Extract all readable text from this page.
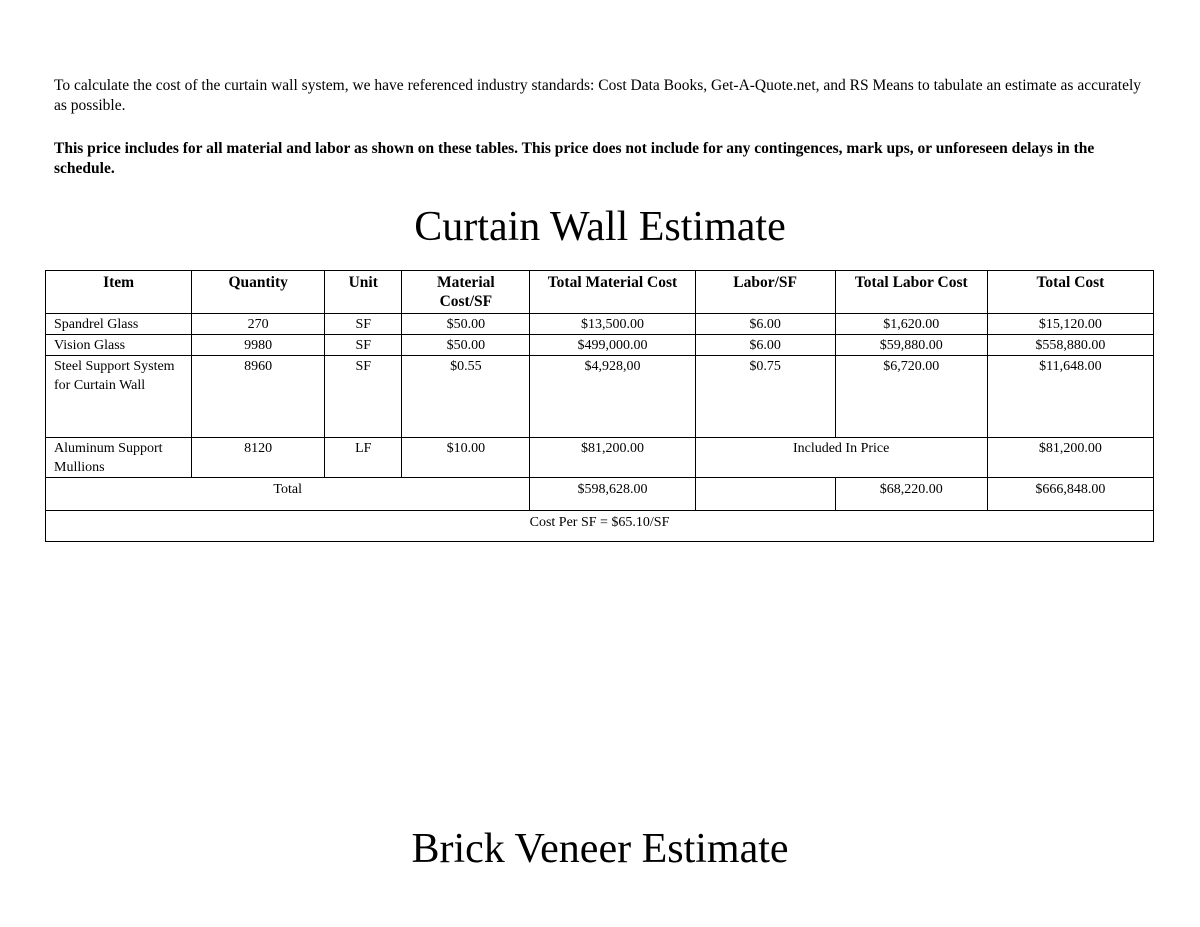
To calculate the cost of the curtain wall system, we have referenced industry standards: Cost Data Books, Get-A-Quote.net, and RS Means to tabulate an estimate as accurately as possible.

This price includes for all material and labor as shown on these tables. This price does not include for any contingences, mark ups, or unforeseen delays in the schedule.

Curtain Wall Estimate
Item	Quantity	Unit	Material Cost/SF	Total Material Cost	Labor/SF	Total Labor Cost	Total Cost
Spandrel Glass	270	SF	$50.00	$13,500.00	$6.00	$1,620.00	$15,120.00
Vision Glass	9980	SF	$50.00	$499,000.00	$6.00	$59,880.00	$558,880.00
Steel Support System for Curtain Wall	8960	SF	$0.55	$4,928,00	$0.75	$6,720.00	$11,648.00
Aluminum Support Mullions	8120	LF	$10.00	$81,200.00	Included In Price		$81,200.00
Total				$598,628.00		$68,220.00	$666,848.00
Cost Per SF = $65.10/SF							
Brick Veneer Estimate
